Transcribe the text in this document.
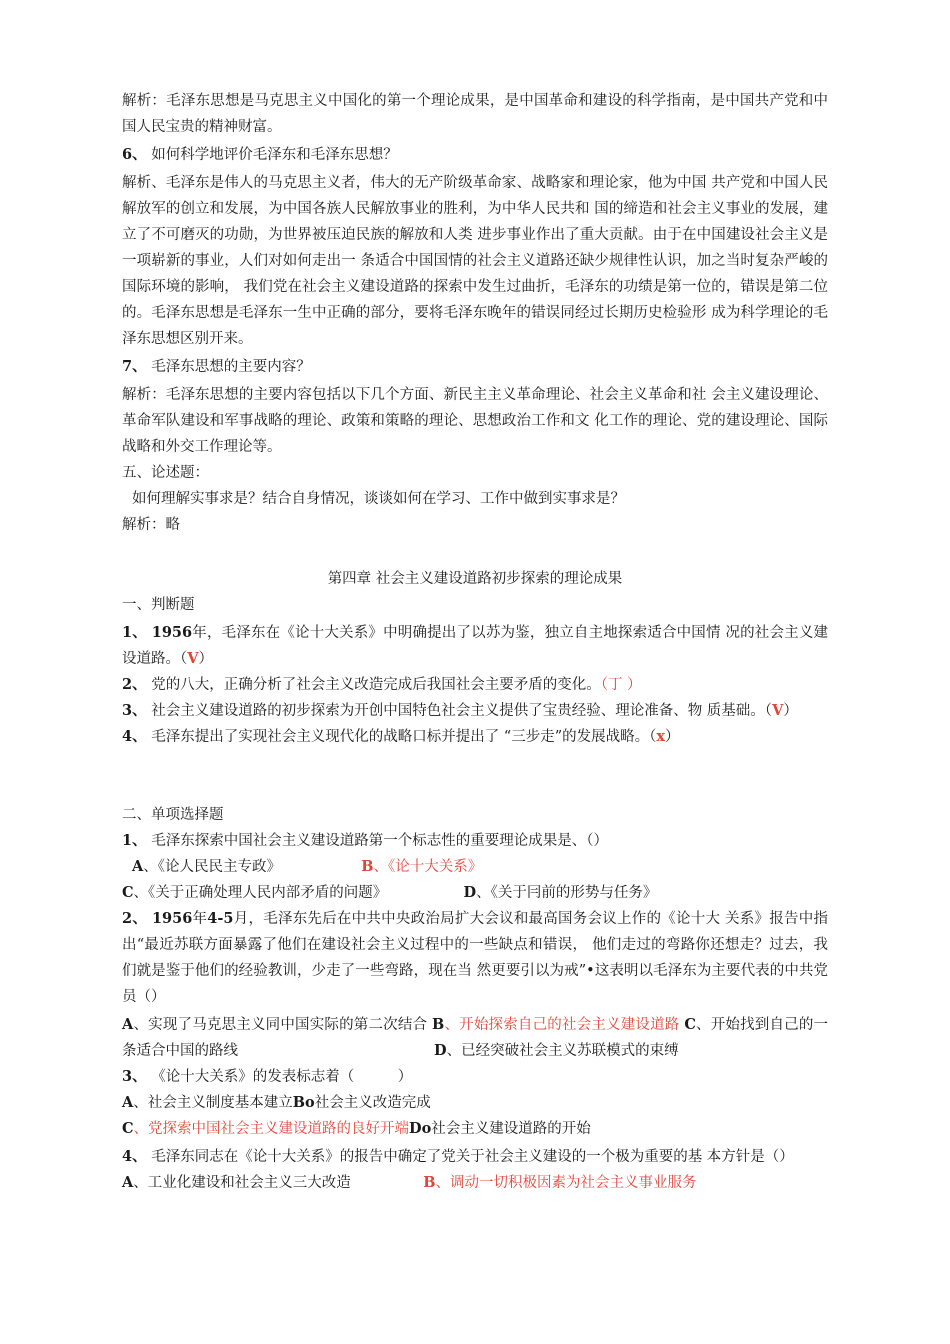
解析：毛泽东思想是马克思主义中国化的第一个理论成果，是中国革命和建设的科学指南，是中国共产党和中国人民宝贵的精神财富。
6、 如何科学地评价毛泽东和毛泽东思想？
解析、毛泽东是伟人的马克思主义者，伟大的无产阶级革命家、战略家和理论家，他为中国 共产党和中国人民解放军的创立和发展，为中国各族人民解放事业的胜利，为中华人民共和 国的缔造和社会主义事业的发展，建立了不可磨灭的功勋，为世界被压迫民族的解放和人类 进步事业作出了重大贡献。由于在中国建设社会主义是一项崭新的事业，人们对如何走出一 条适合中国国情的社会主义道路还缺少规律性认识，加之当时复杂严峻的国际环境的影响， 我们党在社会主义建设道路的探索中发生过曲折，毛泽东的功绩是第一位的，错误是第二位 的。毛泽东思想是毛泽东一生中正确的部分，要将毛泽东晚年的错误同经过长期历史检验形 成为科学理论的毛泽东思想区别开来。
7、 毛泽东思想的主要内容？
解析：毛泽东思想的主要内容包括以下几个方面、新民主主义革命理论、社会主义革命和社 会主义建设理论、革命军队建设和军事战略的理论、政策和策略的理论、思想政治工作和文 化工作的理论、党的建设理论、国际战略和外交工作理论等。
五、论述题：
如何理解实事求是？结合自身情况，谈谈如何在学习、工作中做到实事求是？
解析：略
第四章 社会主义建设道路初步探索的理论成果
一、判断题
1、 1956年，毛泽东在《论十大关系》中明确提出了以苏为鉴，独立自主地探索适合中国情 况的社会主义建设道路。（V）
2、 党的八大，正确分析了社会主义改造完成后我国社会主要矛盾的变化。（丁 ）
3、 社会主义建设道路的初步探索为开创中国特色社会主义提供了宝贵经验、理论准备、物 质基础。（V）
4、 毛泽东提出了实现社会主义现代化的战略口标并提出了 “三步走”的发展战略。（x）
二、单项选择题
1、 毛泽东探索中国社会主义建设道路第一个标志性的重要理论成果是、（）
A、《论人民民主专政》	B、《论十大关系》
C、《关于正确处理人民内部矛盾的问题》	D、《关于冃前的形势与任务》
2、 1956年4-5月，毛泽东先后在中共中央政治局扩大会议和最高国务会议上作的《论十大 关系》报告中指出“最近苏联方面暴露了他们在建设社会主义过程中的一些缺点和错误， 他们走过的弯路你还想走？过去，我们就是鉴于他们的经验教训，少走了一些弯路，现在当 然更要引以为戒”•这表明以毛泽东为主要代表的中共党员（）
A、实现了马克思主义同中国实际的第二次结合 B、开始探索自己的社会主义建设道路 C、开始找到自己的一条适合中国的路线	D、已经突破社会主义苏联模式的束缚
3、 《论十大关系》的发表标志着（　　　）
A、社会主义制度基本建立Bo社会主义改造完成
C、党探索中国社会主义建设道路的良好开端Do社会主义建设道路的开始
4、 毛泽东同志在《论十大关系》的报告中确定了党关于社会主义建设的一个极为重要的基 本方针是（）
A、工业化建设和社会主义三大改造	B、调动一切积极因素为社会主义事业服务
